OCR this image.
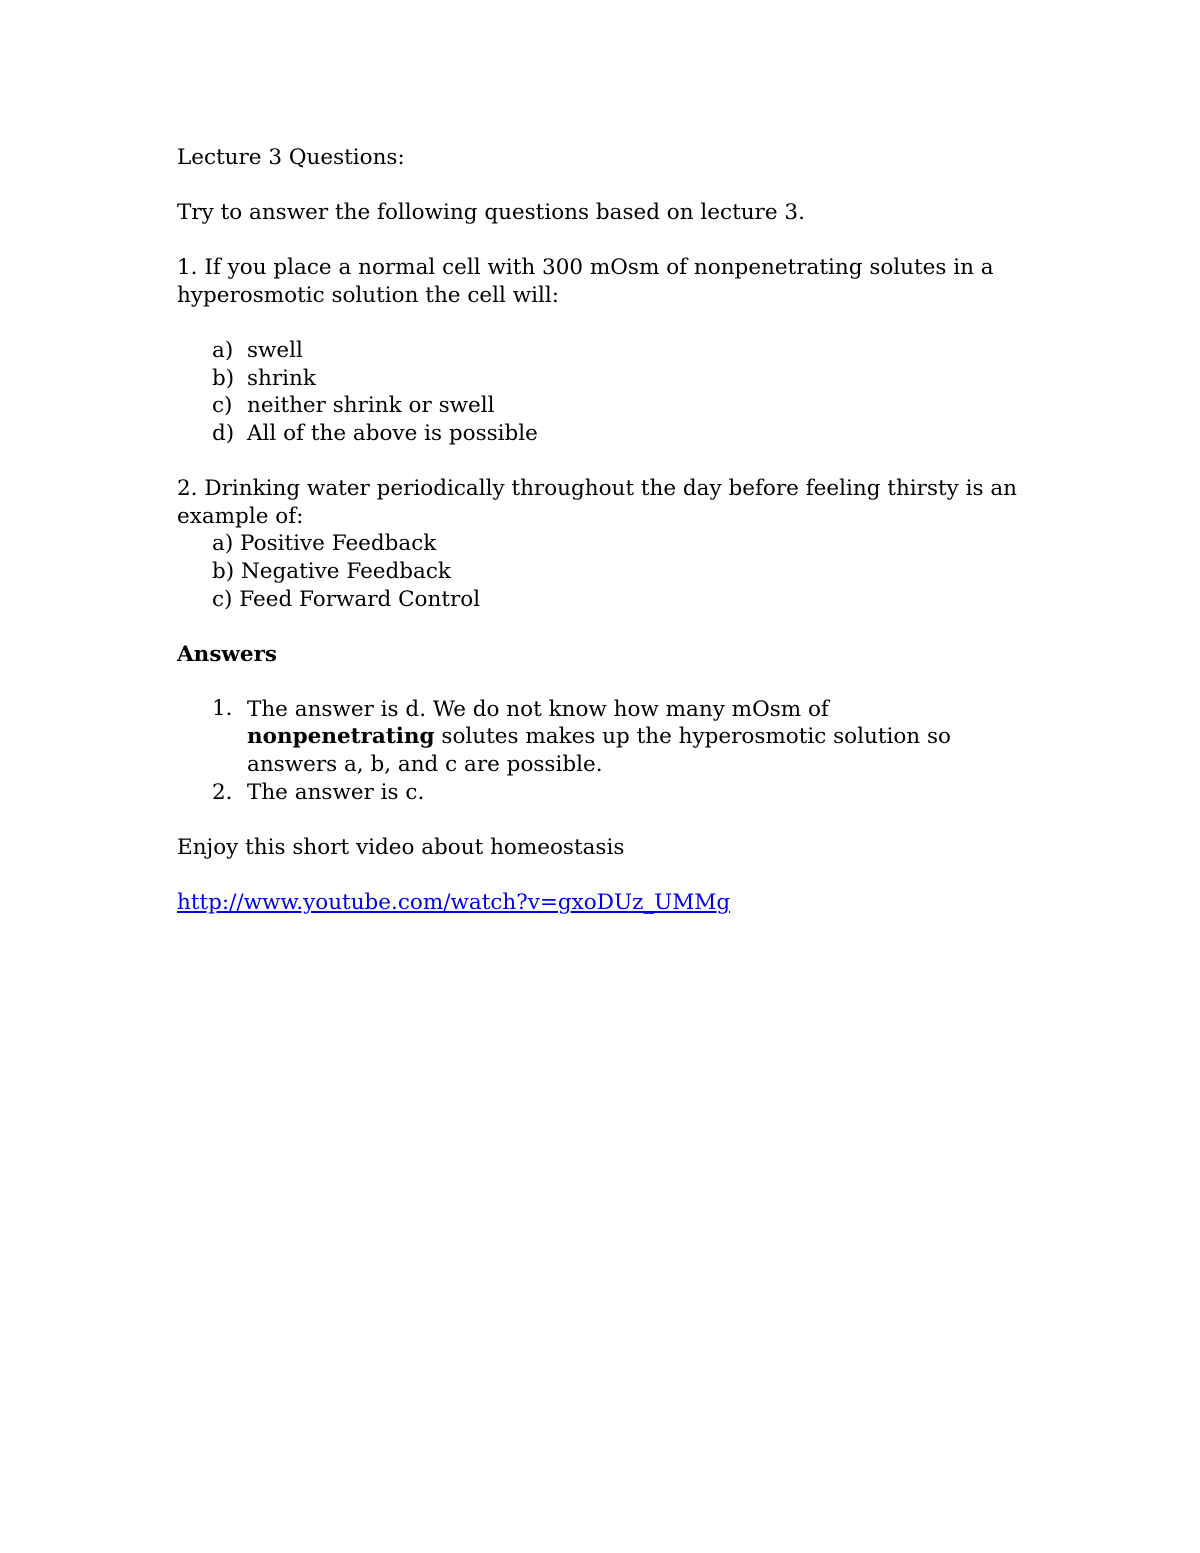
Lecture 3 Questions:
Try to answer the following questions based on lecture 3.
1. If you place a normal cell with 300 mOsm of nonpenetrating solutes in a
hyperosmotic solution the cell will:
a) swell
b) shrink
c) neither shrink or swell
d) All of the above is possible
2. Drinking water periodically throughout the day before feeling thirsty is an
example of:
a) Positive Feedback
b) Negative Feedback
c) Feed Forward Control
Answers
1. The answer is d. We do not know how many mOsm of nonpenetrating solutes makes up the hyperosmotic solution so answers a, b, and c are possible.
2. The answer is c.
Enjoy this short video about homeostasis
http://www.youtube.com/watch?v=gxoDUz_UMMg
